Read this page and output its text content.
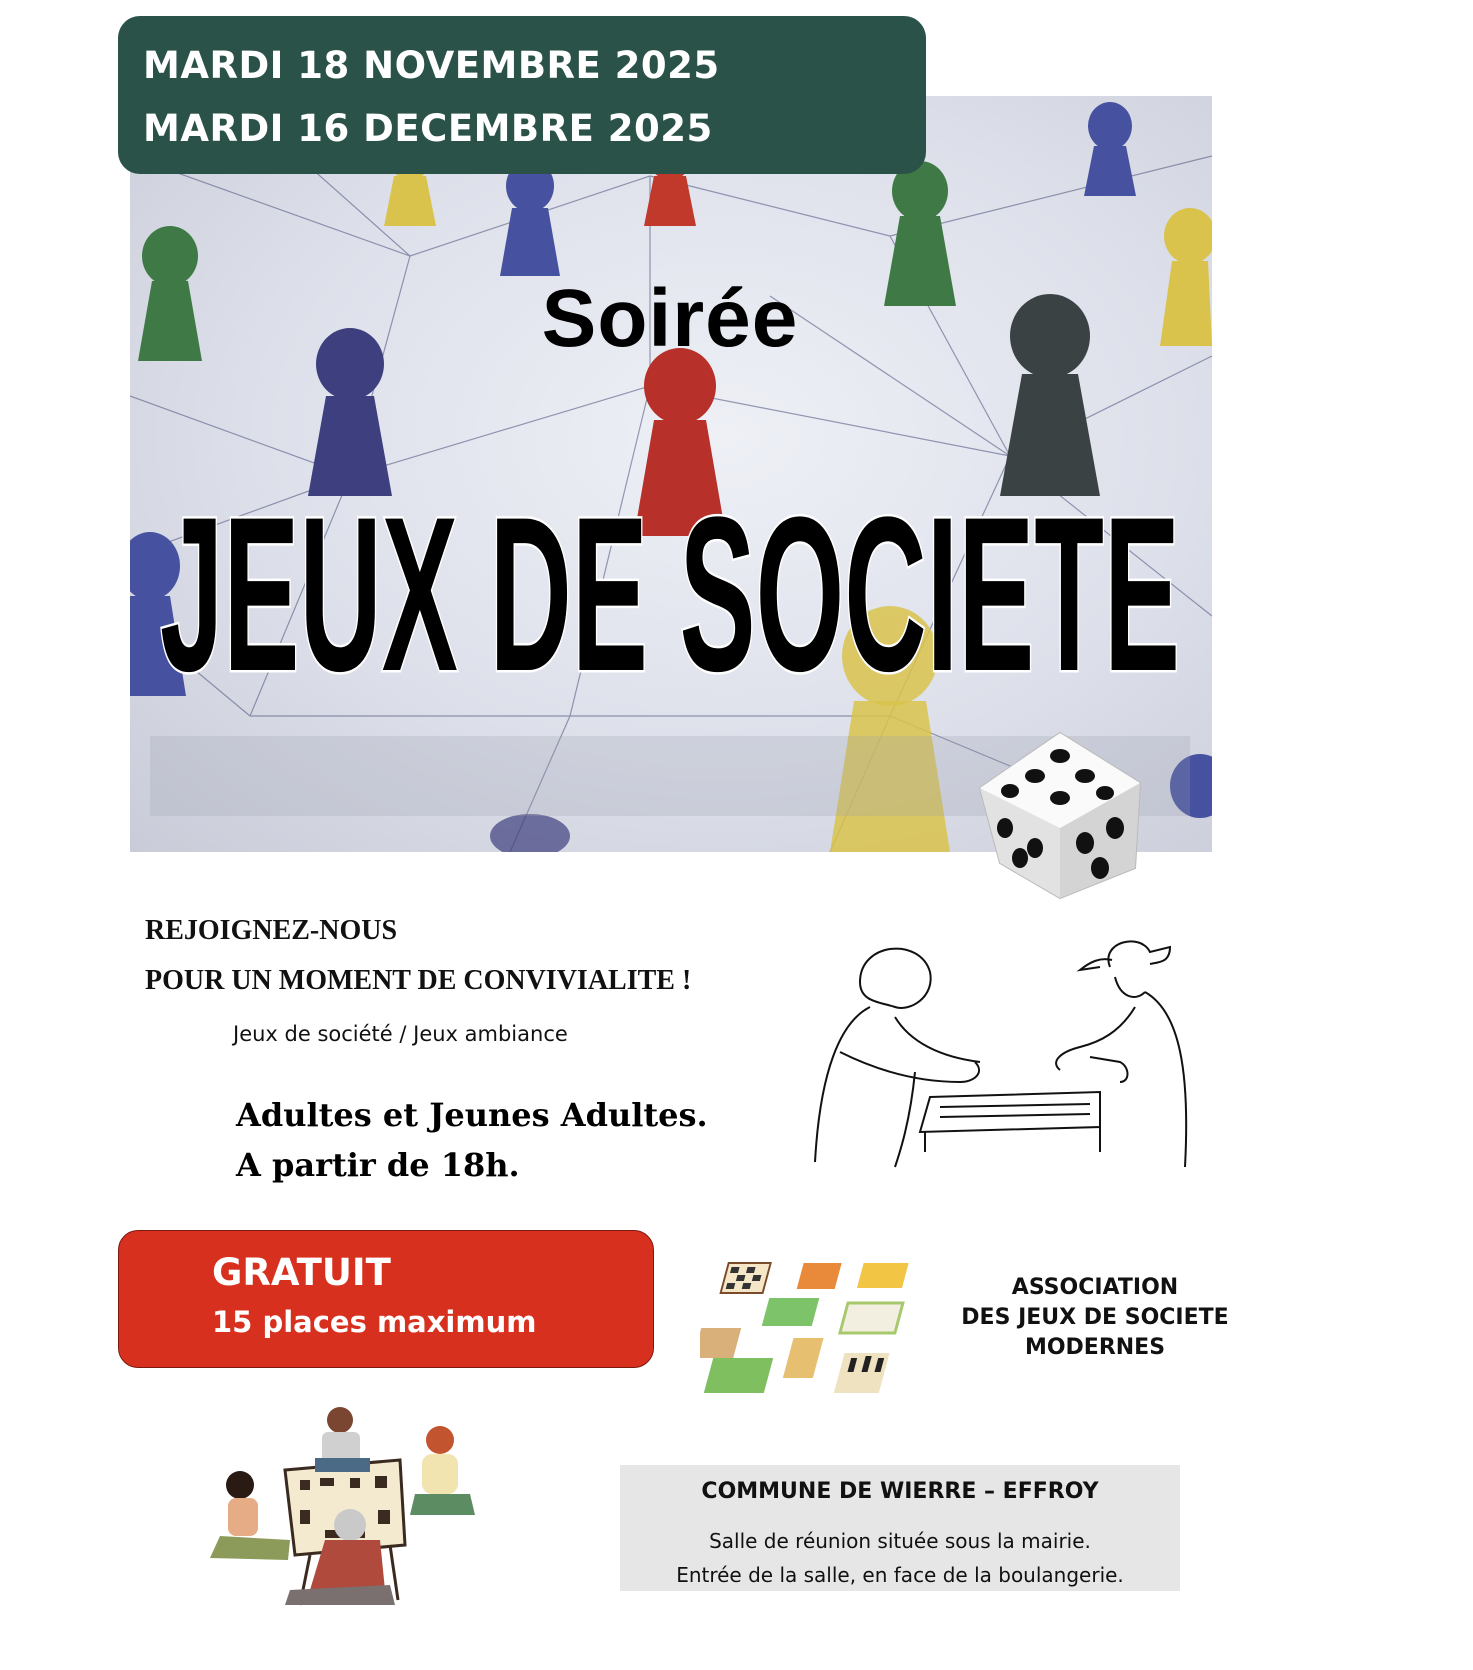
MARDI 18 NOVEMBRE 2025
MARDI 16 DECEMBRE 2025
Soirée
JEUX DE SOCIETE
REJOIGNEZ-NOUS
POUR UN MOMENT DE CONVIVIALITE !
Jeux de société / Jeux ambiance
Adultes et Jeunes Adultes.
A partir de 18h.
GRATUIT
15 places maximum
ASSOCIATION
DES JEUX DE SOCIETE
MODERNES
COMMUNE DE WIERRE – EFFROY
Salle de réunion située sous la mairie.
Entrée de la salle, en face de la boulangerie.
